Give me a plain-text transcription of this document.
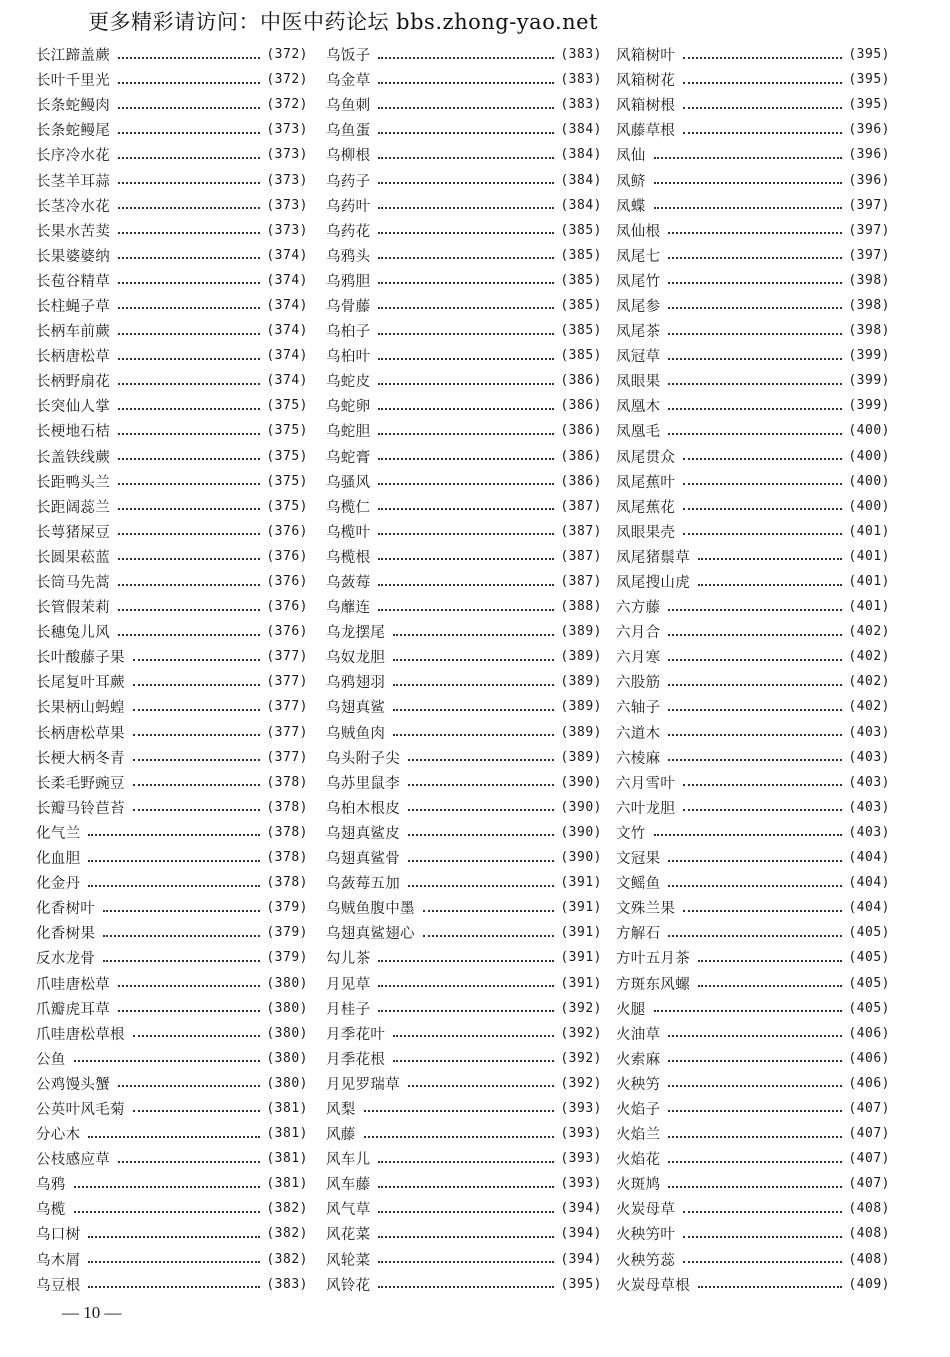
更多精彩请访问：中医中药论坛 bbs.zhong-yao.net
长江蹄盖蕨	(372)
长叶千里光	(372)
长条蛇鳗肉	(372)
长条蛇鳗尾	(373)
长序冷水花	(373)
长茎羊耳蒜	(373)
长茎冷水花	(373)
长果水苦荬	(373)
长果婆婆纳	(374)
长苞谷精草	(374)
长柱蝇子草	(374)
长柄车前蕨	(374)
长柄唐松草	(374)
长柄野扇花	(374)
长突仙人掌	(375)
长梗地石桔	(375)
长盖铁线蕨	(375)
长距鸭头兰	(375)
长距阔蕊兰	(375)
长萼猪屎豆	(376)
长圆果菘蓝	(376)
长筒马先蒿	(376)
长管假茉莉	(376)
长穗兔儿风	(376)
长叶酸藤子果	(377)
长尾复叶耳蕨	(377)
长果柄山蚂蝗	(377)
长柄唐松草果	(377)
长梗大柄冬青	(377)
长柔毛野豌豆	(378)
长瓣马铃苣苔	(378)
化气兰	(378)
化血胆	(378)
化金丹	(378)
化香树叶	(379)
化香树果	(379)
反水龙骨	(379)
爪哇唐松草	(380)
爪瓣虎耳草	(380)
爪哇唐松草根	(380)
公鱼	(380)
公鸡馒头蟹	(380)
公英叶风毛菊	(381)
分心木	(381)
公枝感应草	(381)
乌鸦	(381)
乌榄	(382)
乌口树	(382)
乌木屑	(382)
乌豆根	(383)
乌饭子	(383)
乌金草	(383)
乌鱼刺	(383)
乌鱼蛋	(384)
乌柳根	(384)
乌药子	(384)
乌药叶	(384)
乌药花	(385)
乌鸦头	(385)
乌鸦胆	(385)
乌骨藤	(385)
乌桕子	(385)
乌桕叶	(385)
乌蛇皮	(386)
乌蛇卵	(386)
乌蛇胆	(386)
乌蛇膏	(386)
乌骚风	(386)
乌榄仁	(387)
乌榄叶	(387)
乌榄根	(387)
乌蔹莓	(387)
乌蘼连	(388)
乌龙摆尾	(389)
乌奴龙胆	(389)
乌鸦翅羽	(389)
乌翅真鲨	(389)
乌贼鱼肉	(389)
乌头附子尖	(389)
乌苏里鼠李	(390)
乌桕木根皮	(390)
乌翅真鲨皮	(390)
乌翅真鲨骨	(390)
乌蔹莓五加	(391)
乌贼鱼腹中墨	(391)
乌翅真鲨翅心	(391)
勾儿茶	(391)
月见草	(391)
月桂子	(392)
月季花叶	(392)
月季花根	(392)
月见罗瑞草	(392)
风梨	(393)
风藤	(393)
风车儿	(393)
风车藤	(393)
风气草	(394)
风花菜	(394)
风轮菜	(394)
风铃花	(395)
风箱树叶	(395)
风箱树花	(395)
风箱树根	(395)
风藤草根	(396)
凤仙	(396)
凤鲚	(396)
凤蝶	(397)
凤仙根	(397)
凤尾七	(397)
凤尾竹	(398)
凤尾参	(398)
凤尾茶	(398)
凤冠草	(399)
凤眼果	(399)
凤凰木	(399)
凤凰毛	(400)
凤尾贯众	(400)
凤尾蕉叶	(400)
凤尾蕉花	(400)
凤眼果壳	(401)
凤尾猪鬃草	(401)
凤尾搜山虎	(401)
六方藤	(401)
六月合	(402)
六月寒	(402)
六股筋	(402)
六轴子	(402)
六道木	(403)
六棱麻	(403)
六月雪叶	(403)
六叶龙胆	(403)
文竹	(403)
文冠果	(404)
文鳐鱼	(404)
文殊兰果	(404)
方解石	(405)
方叶五月茶	(405)
方斑东风螺	(405)
火腿	(405)
火油草	(406)
火索麻	(406)
火秧竻	(406)
火焰子	(407)
火焰兰	(407)
火焰花	(407)
火斑鸠	(407)
火炭母草	(408)
火秧竻叶	(408)
火秧竻蕊	(408)
火炭母草根	(409)
— 10 —
